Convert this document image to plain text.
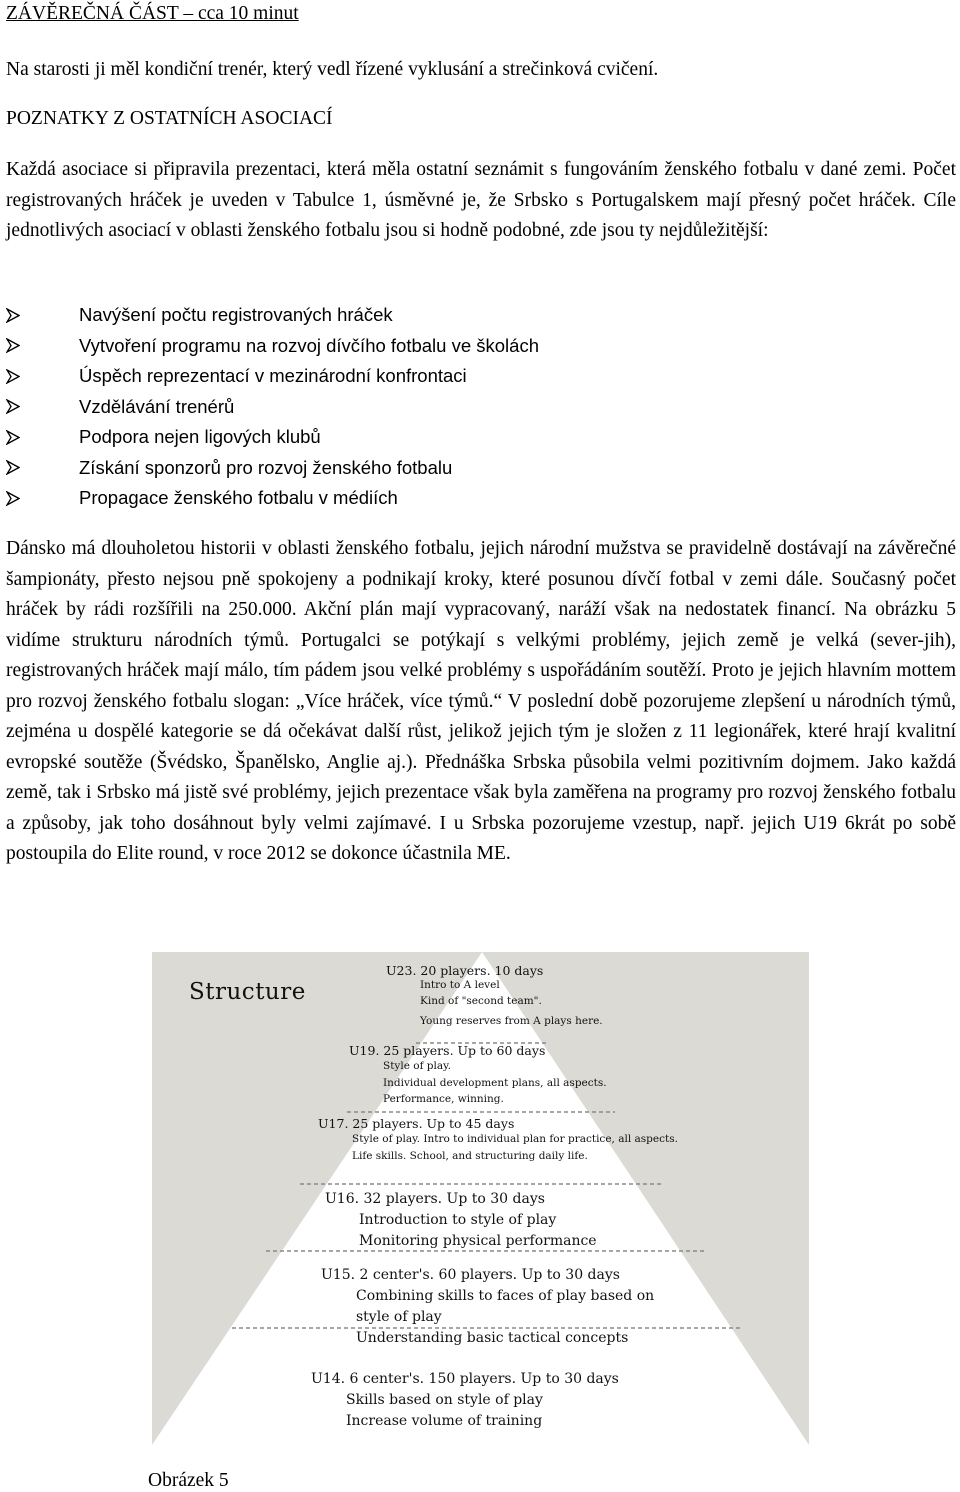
ZÁVĚREČNÁ ČÁST – cca 10 minut
Na starosti ji měl kondiční trenér, který vedl řízené vyklusání a strečinková cvičení.
POZNATKY Z OSTATNÍCH ASOCIACÍ

Každá asociace si připravila prezentaci, která měla ostatní seznámit s fungováním ženského fotbalu v dané zemi. Počet registrovaných hráček je uveden v Tabulce 1, úsměvné je, že Srbsko s Portugalskem mají přesný počet hráček. Cíle jednotlivých asociací v oblasti ženského fotbalu jsou si hodně podobné, zde jsou ty nejdůležitější:

Navýšení počtu registrovaných hráček
Vytvoření programu na rozvoj dívčího fotbalu ve školách
Úspěch reprezentací v mezinárodní konfrontaci
Vzdělávání trenérů
Podpora nejen ligových klubů
Získání sponzorů pro rozvoj ženského fotbalu
Propagace ženského fotbalu v médiích

Dánsko má dlouholetou historii v oblasti ženského fotbalu, jejich národní mužstva se pravidelně dostávají na závěrečné šampionáty, přesto nejsou pně spokojeny a podnikají kroky, které posunou dívčí fotbal v zemi dále. Současný počet hráček by rádi rozšířili na 250.000. Akční plán mají vypracovaný, naráží však na nedostatek financí. Na obrázku 5 vidíme strukturu národních týmů. Portugalci se potýkají s velkými problémy, jejich země je velká (sever-jih), registrovaných hráček mají málo, tím pádem jsou velké problémy s uspořádáním soutěží. Proto je jejich hlavním mottem pro rozvoj ženského fotbalu slogan: „Více hráček, více týmů.“ V poslední době pozorujeme zlepšení u národních týmů, zejména u dospělé kategorie se dá očekávat další růst, jelikož jejich tým je složen z 11 legionářek, které hrají kvalitní evropské soutěže (Švédsko, Španělsko, Anglie aj.). Přednáška Srbska působila velmi pozitivním dojmem. Jako každá země, tak i Srbsko má jistě své problémy, jejich prezentace však byla zaměřena na programy pro rozvoj ženského fotbalu a způsoby, jak toho dosáhnout byly velmi zajímavé. I u Srbska pozorujeme vzestup, např. jejich U19 6krát po sobě postoupila do Elite round, v roce 2012 se dokonce účastnila ME.

Structure
U23. 20 players. 10 days
Intro to A level
Kind of "second team".
Young reserves from A plays here.
U19. 25 players. Up to 60 days
Style of play.
Individual development plans, all aspects.
Performance, winning.
U17. 25 players. Up to 45 days
Style of play. Intro to individual plan for practice, all aspects.
Life skills. School, and structuring daily life.
U16. 32 players. Up to 30 days
Introduction to style of play
Monitoring physical performance
U15. 2 center's. 60 players. Up to 30 days
Combining skills to faces of play based on
style of play
Understanding basic tactical concepts
U14. 6 center's. 150 players. Up to 30 days
Skills based on style of play
Increase volume of training
Obrázek 5
